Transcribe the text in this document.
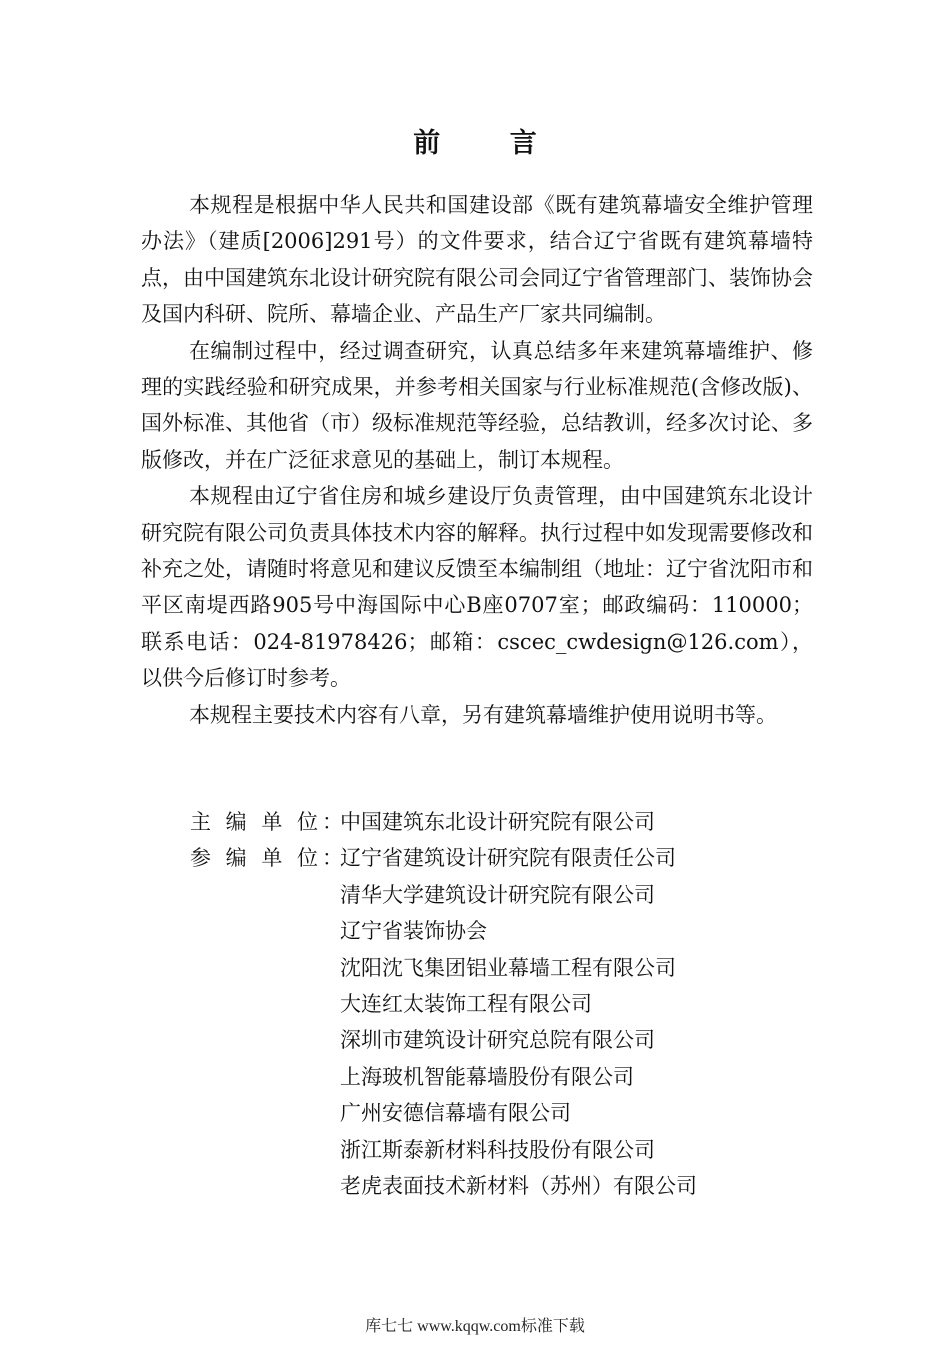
前 言

本规程是根据中华人民共和国建设部《既有建筑幕墙安全维护管理办法》（建质[2006]291号）的文件要求，结合辽宁省既有建筑幕墙特点，由中国建筑东北设计研究院有限公司会同辽宁省管理部门、装饰协会及国内科研、院所、幕墙企业、产品生产厂家共同编制。

在编制过程中，经过调查研究，认真总结多年来建筑幕墙维护、修理的实践经验和研究成果，并参考相关国家与行业标准规范(含修改版)、国外标准、其他省（市）级标准规范等经验，总结教训，经多次讨论、多版修改，并在广泛征求意见的基础上，制订本规程。

本规程由辽宁省住房和城乡建设厅负责管理，由中国建筑东北设计研究院有限公司负责具体技术内容的解释。执行过程中如发现需要修改和补充之处，请随时将意见和建议反馈至本编制组（地址：辽宁省沈阳市和平区南堤西路905号中海国际中心B座0707室；邮政编码：110000；联系电话：024-81978426；邮箱：cscec_cwdesign@126.com），以供今后修订时参考。

本规程主要技术内容有八章，另有建筑幕墙维护使用说明书等。

主 编 单 位：
中国建筑东北设计研究院有限公司
参 编 单 位：
辽宁省建筑设计研究院有限责任公司
清华大学建筑设计研究院有限公司
辽宁省装饰协会
沈阳沈飞集团铝业幕墙工程有限公司
大连红太装饰工程有限公司
深圳市建筑设计研究总院有限公司
上海玻机智能幕墙股份有限公司
广州安德信幕墙有限公司
浙江斯泰新材料科技股份有限公司
老虎表面技术新材料（苏州）有限公司
库七七 www.kqqw.com标准下载
